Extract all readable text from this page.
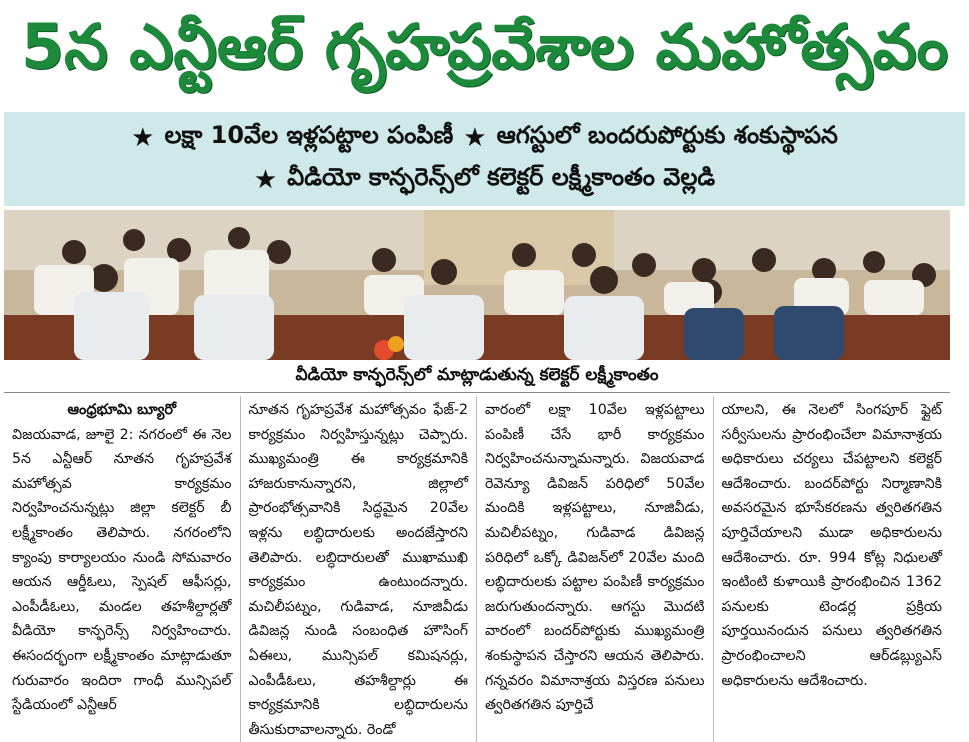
5న ఎన్టీఆర్ గృహప్రవేశాల మహోత్సవం
★ లక్షా 10వేల ఇళ్లపట్టాల పంపిణీ ★ ఆగస్టులో బందరుపోర్టుకు శంకుస్థాపన
★ వీడియో కాన్ఫరెన్స్‌లో కలెక్టర్ లక్ష్మీకాంతం వెల్లడి
వీడియో కాన్ఫరెన్స్‌లో మాట్లాడుతున్న కలెక్టర్ లక్ష్మీకాంతం
ఆంధ్రభూమి బ్యూరో
విజయవాడ, జూలై 2: నగరంలో ఈ నెల 5న ఎన్టీఆర్ నూతన గృహప్రవేశ మహోత్సవ కార్యక్రమం నిర్వహించనున్నట్లు జిల్లా కలెక్టర్ బీ లక్ష్మీకాంతం తెలిపారు. నగరంలోని క్యాంపు కార్యాలయం నుండి సోమవారం ఆయన ఆర్డీఓలు, స్పెషల్ ఆఫీసర్లు, ఎంపీడీఓలు, మండల తహశీల్దార్లతో వీడియో కాన్ఫరెన్స్ నిర్వహించారు. ఈసందర్భంగా లక్ష్మీకాంతం మాట్లాడుతూ గురువారం ఇందిరా గాంధీ మున్సిపల్ స్టేడియంలో ఎన్టీఆర్
నూతన గృహప్రవేశ మహోత్సవం ఫేజ్-2 కార్యక్రమం నిర్వహిస్తున్నట్లు చెప్పారు. ముఖ్యమంత్రి ఈ కార్యక్రమానికి హాజరుకానున్నారని, జిల్లాలో ప్రారంభోత్సవానికి సిద్ధమైన 20వేల ఇళ్లను లబ్ధిదారులకు అందజేస్తారని తెలిపారు. లబ్ధిదారులతో ముఖాముఖి కార్యక్రమం ఉంటుందన్నారు. మచిలీపట్నం, గుడివాడ, నూజివీడు డివిజన్ల నుండి సంబంధిత హౌసింగ్ ఏఈలు, మున్సిపల్ కమిషనర్లు, ఎంపీడీఓలు, తహశీల్దార్లు ఈ కార్యక్రమానికి లబ్ధిదారులను తీసుకురావాలన్నారు. రెండో
వారంలో లక్షా 10వేల ఇళ్లపట్టాలు పంపిణీ చేసే భారీ కార్యక్రమం నిర్వహించనున్నామన్నారు. విజయవాడ రెవెన్యూ డివిజన్ పరిధిలో 50వేల మందికి ఇళ్లపట్టాలు, నూజివీడు, మచిలీపట్నం, గుడివాడ డివిజన్ల పరిధిలో ఒక్కో డివిజన్‌లో 20వేల మంది లబ్ధిదారులకు పట్టాల పంపిణీ కార్యక్రమం జరుగుతుందన్నారు. ఆగస్టు మొదటి వారంలో బందర్‌పోర్టుకు ముఖ్యమంత్రి శంకుస్థాపన చేస్తారని ఆయన తెలిపారు. గన్నవరం విమానాశ్రయ విస్తరణ పనులు త్వరితగతిన పూర్తిచే
యాలని, ఈ నెలలో సింగపూర్ ఫ్లైట్ సర్వీసులను ప్రారంభించేలా విమానాశ్రయ అధికారులు చర్యలు చేపట్టాలని కలెక్టర్ ఆదేశించారు. బందర్‌పోర్టు నిర్మాణానికి అవసరమైన భూసేకరణను త్వరితగతిన పూర్తిచేయాలని ముడా అధికారులను ఆదేశించారు. రూ. 994 కోట్ల నిధులతో ఇంటింటి కుళాయికి ప్రారంభించిన 1362 పనులకు టెండర్ల ప్రక్రియ పూర్తయినందున పనులు త్వరితగతిన ప్రారంభించాలని ఆర్‌డబ్ల్యుఎస్ అధికారులను ఆదేశించారు.
